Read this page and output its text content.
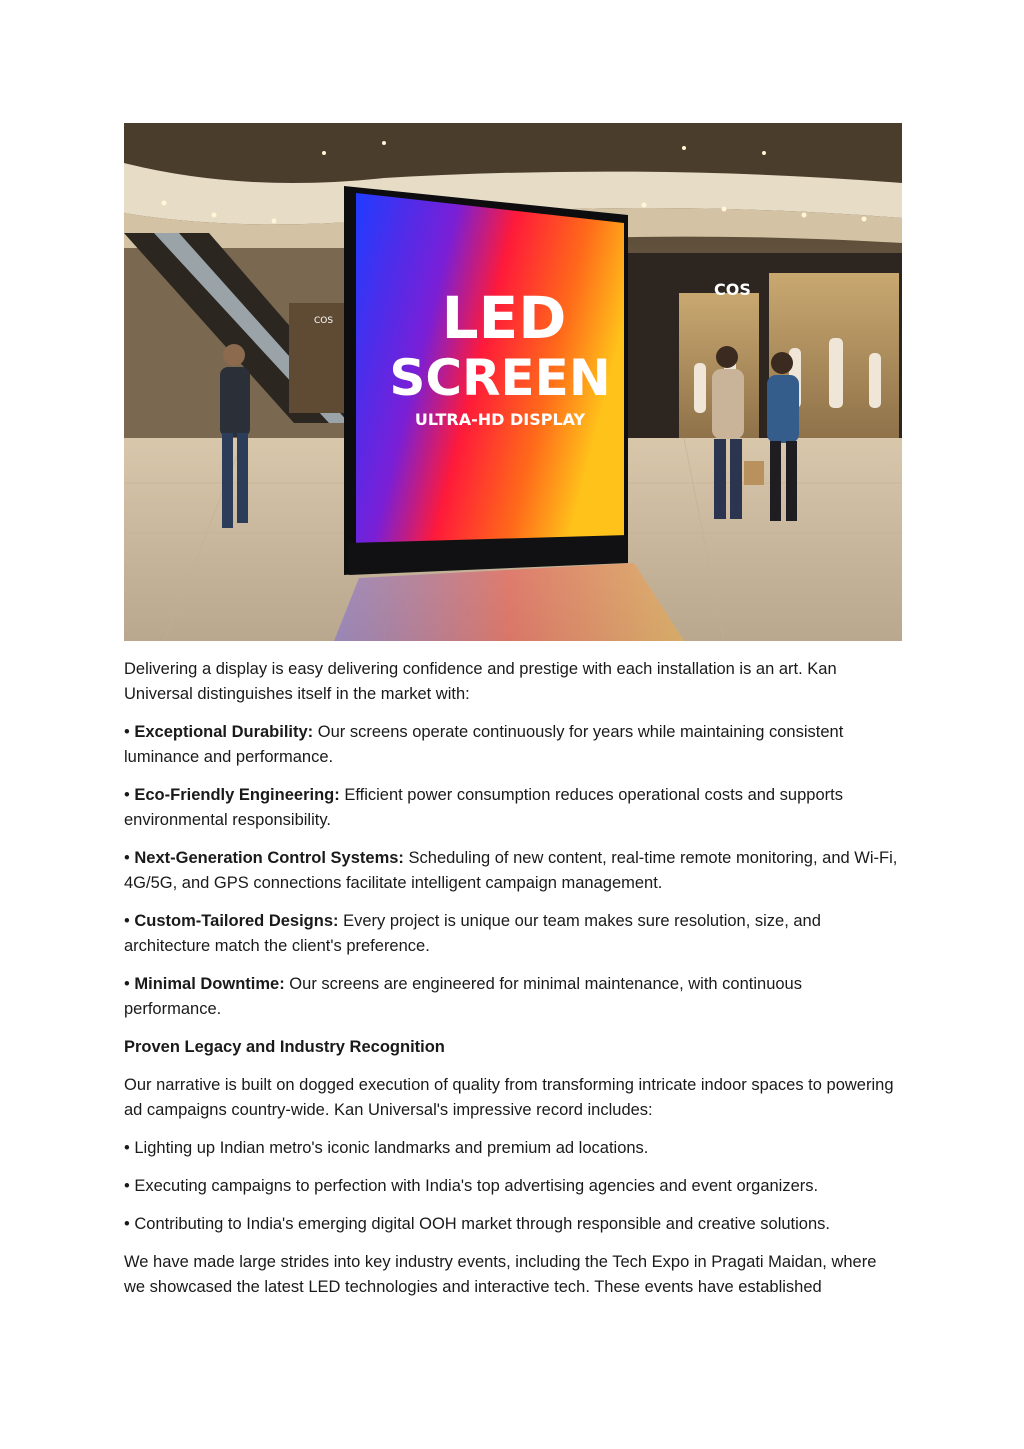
COS
COS
LED
SCREEN
ULTRA-HD DISPLAY

Delivering a display is easy delivering confidence and prestige with each installation is an art. Kan Universal distinguishes itself in the market with:

• Exceptional Durability: Our screens operate continuously for years while maintaining consistent luminance and performance.

• Eco-Friendly Engineering: Efficient power consumption reduces operational costs and supports environmental responsibility.

• Next-Generation Control Systems: Scheduling of new content, real-time remote monitoring, and Wi-Fi, 4G/5G, and GPS connections facilitate intelligent campaign management.

• Custom-Tailored Designs: Every project is unique our team makes sure resolution, size, and architecture match the client's preference.

• Minimal Downtime: Our screens are engineered for minimal maintenance, with continuous performance.

Proven Legacy and Industry Recognition

Our narrative is built on dogged execution of quality from transforming intricate indoor spaces to powering ad campaigns country-wide. Kan Universal's impressive record includes:

• Lighting up Indian metro's iconic landmarks and premium ad locations.

• Executing campaigns to perfection with India's top advertising agencies and event organizers.

• Contributing to India's emerging digital OOH market through responsible and creative solutions.

We have made large strides into key industry events, including the Tech Expo in Pragati Maidan, where we showcased the latest LED technologies and interactive tech. These events have established
